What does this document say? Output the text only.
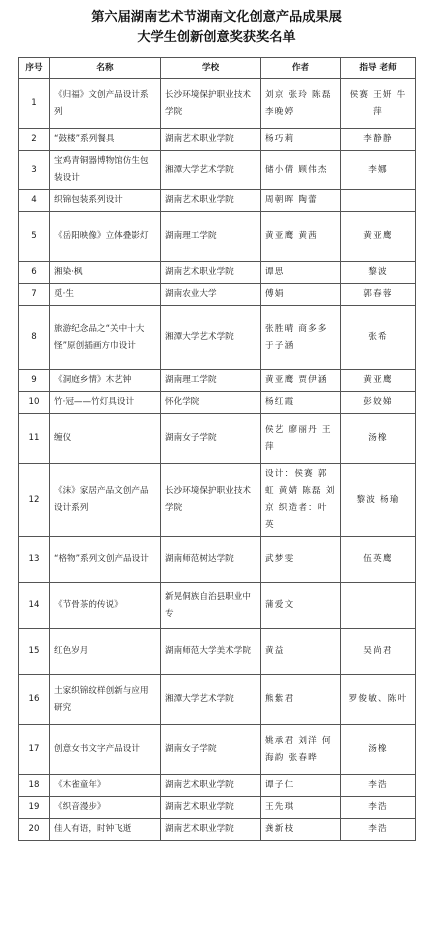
第六届湖南艺术节湖南文化创意产品成果展
大学生创新创意奖获奖名单
序号	名称	学校	作者	指导 老师
1	《归福》文创产品设计系列	长沙环境保护职业技术学院	刘京 张玲 陈磊 李晚婷	侯赛 王妍 牛萍
2	“鼓楼”系列餐具	湖南艺术职业学院	杨巧莉	李静静
3	宝鸡青铜器博物馆仿生包装设计	湘潭大学艺术学院	储小倩 顾伟杰	李娜
4	织锦包装系列设计	湖南艺术职业学院	周朝晖 陶蕾	
5	《岳阳映像》立体叠影灯	湖南理工学院	黄亚鹰 黄茜	黄亚鹰
6	湘染·枫	湖南艺术职业学院	谭思	黎波
7	觅·生	湖南农业大学	傅娟	郭春蓉
8	旅游纪念品之“关中十大怪”原创插画方巾设计	湘潭大学艺术学院	张胜晴 商多多 于子涵	张希
9	《洞庭乡情》木艺钟	湖南理工学院	黄亚鹰 贾伊涵	黄亚鹰
10	竹·冠——竹灯具设计	怀化学院	杨红霞	彭姣娣
11	缠仪	湖南女子学院	侯艺 廖丽丹 王萍	汤橡
12	《沫》家居产品文创产品设计系列	长沙环境保护职业技术学院	设计：侯赛 郭虹 黄婧 陈磊 刘京 织造者：叶英	黎波 杨瑜
13	“格物”系列文创产品设计	湖南师范树达学院	武梦雯	伍英鹰
14	《节骨茶的传说》	新晃侗族自治县职业中专	蒲爱文	
15	红色岁月	湖南师范大学美术学院	黄益	吴尚君
16	土家织锦纹样创新与应用研究	湘潭大学艺术学院	熊紫君	罗俊敏、陈叶
17	创意女书文字产品设计	湖南女子学院	姚承君 刘洋 何海韵 张春晔	汤橡
18	《木雀童年》	湖南艺术职业学院	谭子仁	李浩
19	《织音漫步》	湖南艺术职业学院	王先琪	李浩
20	佳人有语，时钟飞逝	湖南艺术职业学院	龚新枝	李浩
